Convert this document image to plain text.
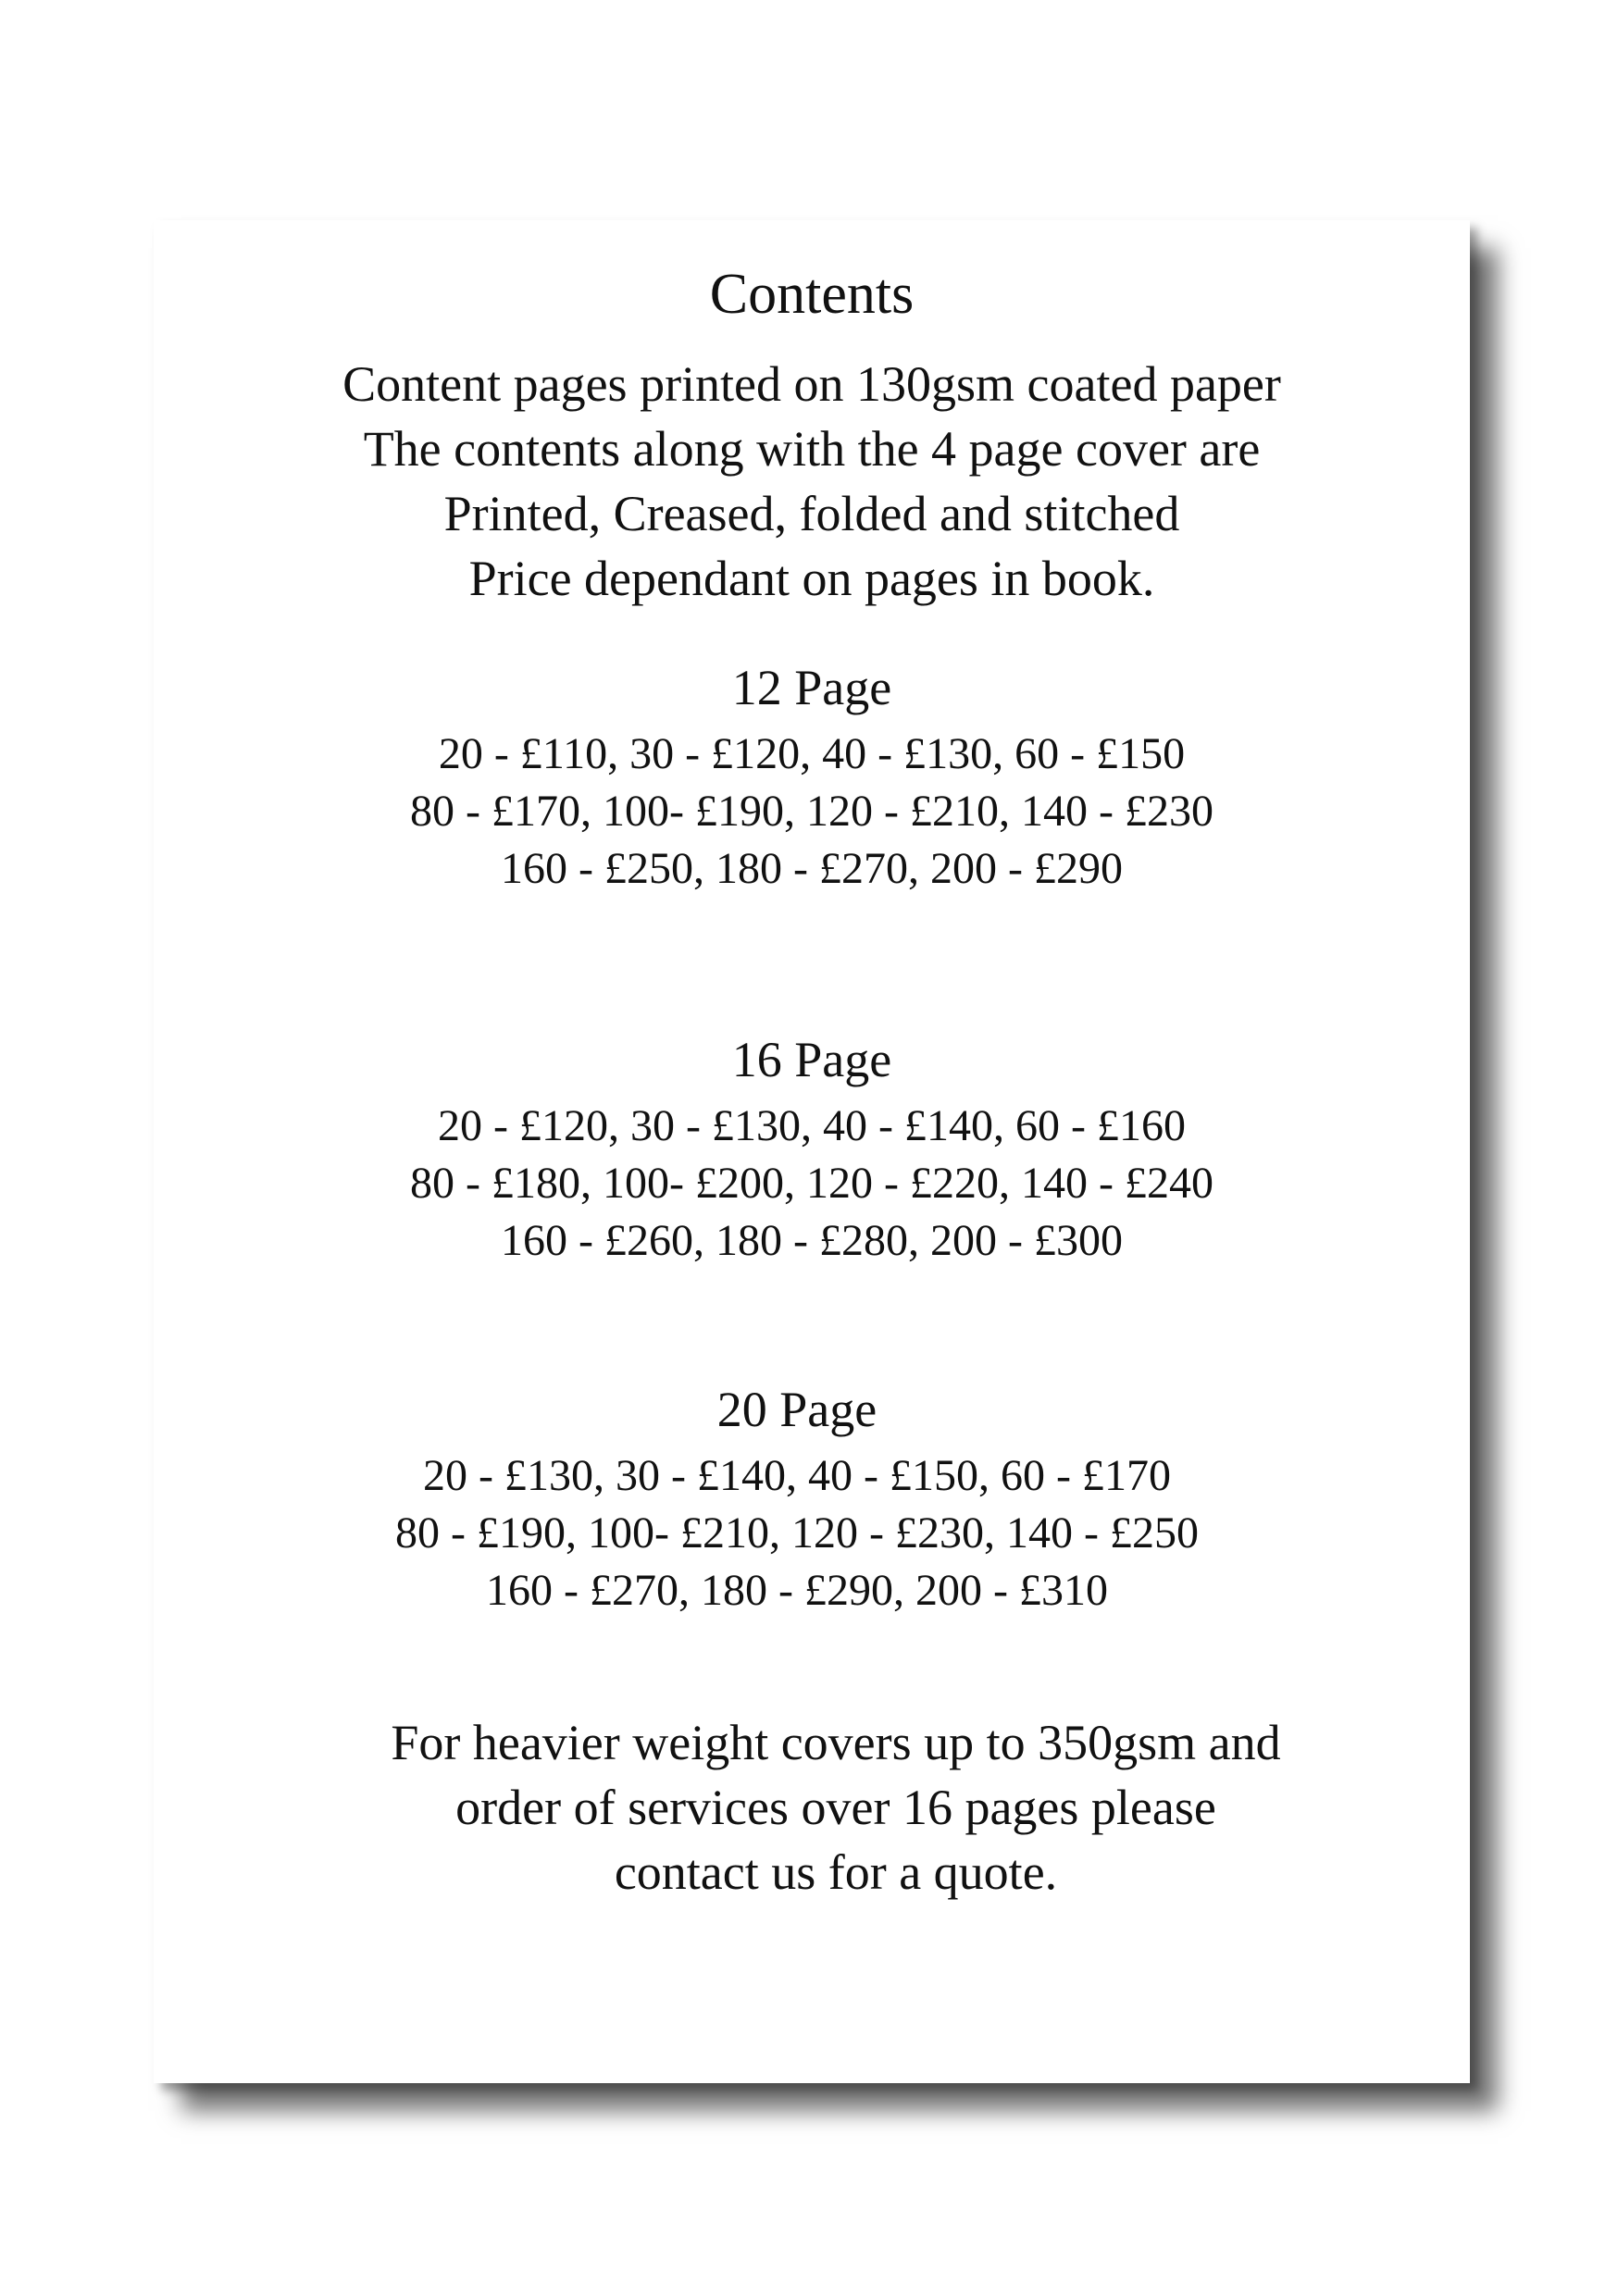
Contents
Content pages printed on 130gsm coated paper
The contents along with the 4 page cover are
Printed, Creased, folded and stitched
Price dependant on pages in book.
12 Page
20 - £110, 30 - £120, 40 - £130, 60 - £150
80 - £170, 100- £190, 120 - £210, 140 - £230
160 - £250, 180 - £270, 200 - £290
16 Page
20 - £120, 30 - £130, 40 - £140, 60 - £160
80 - £180, 100- £200, 120 - £220, 140 - £240
160 - £260, 180 - £280, 200 - £300
20 Page
20 - £130, 30 - £140, 40 - £150, 60 - £170
80 - £190, 100- £210, 120 - £230, 140 - £250
160 - £270, 180 - £290, 200 - £310
For heavier weight covers up to 350gsm and
order of services over 16 pages please
contact us for a quote.
